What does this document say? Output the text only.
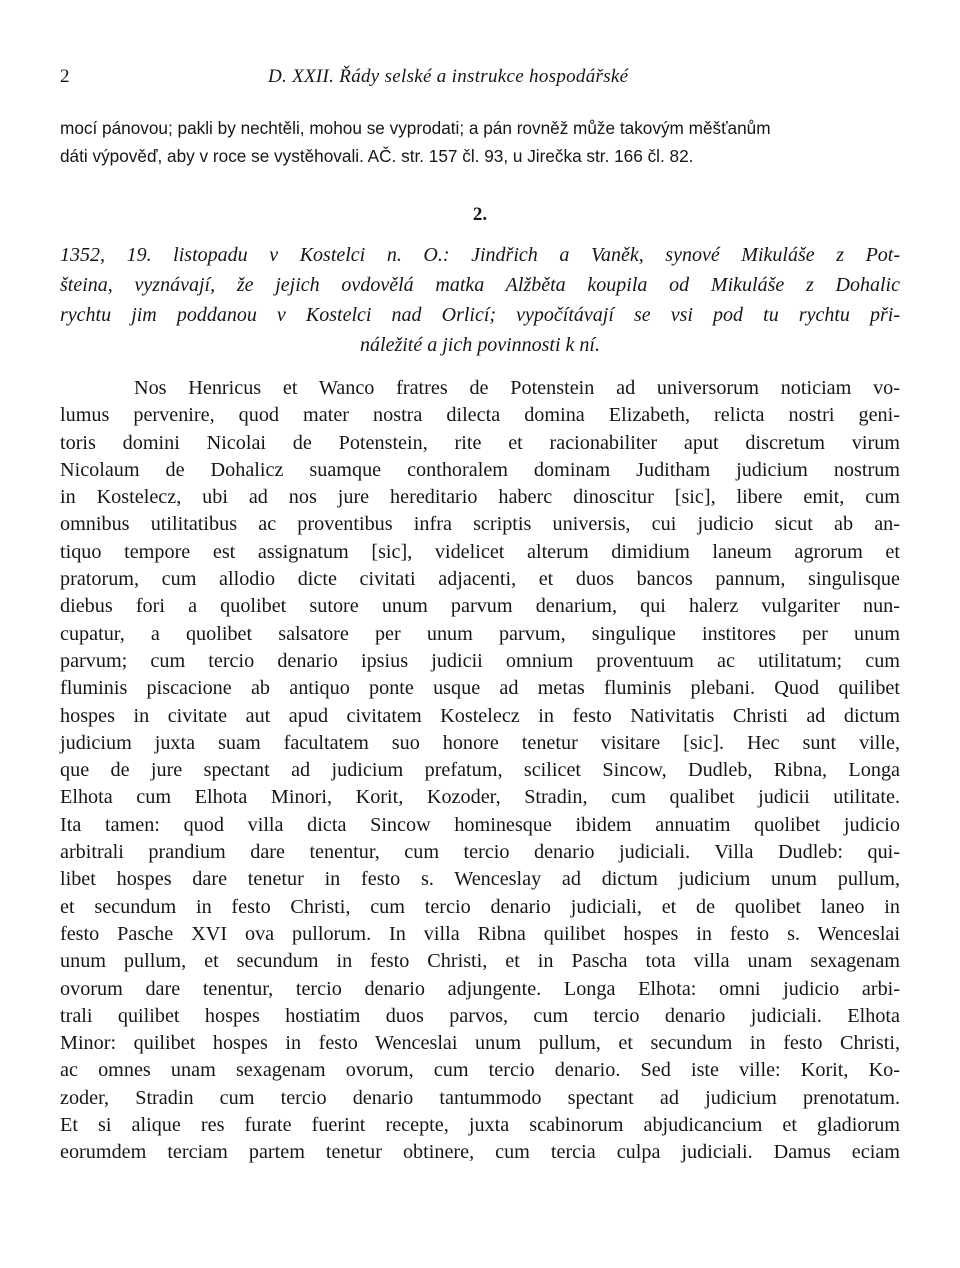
2	D. XXII. Řády selské a instrukce hospodářské
mocí pánovou; pakli by nechtěli, mohou se vyprodati; a pán rovněž může takovým měšťanům
dáti výpověď, aby v roce se vystěhovali. AČ. str. 157 čl. 93, u Jirečka str. 166 čl. 82.
2.
1352, 19. listopadu v Kostelci n. O.: Jindřich a Vaněk, synové Mikuláše z Pot-
šteina, vyznávají, že jejich ovdovělá matka Alžběta koupila od Mikuláše z Dohalic
rychtu jim poddanou v Kostelci nad Orlicí; vypočítávají se vsi pod tu rychtu při-
náležité a jich povinnosti k ní.
Nos Henricus et Wanco fratres de Potenstein ad universorum noticiam vo-
lumus pervenire, quod mater nostra dilecta domina Elizabeth, relicta nostri geni-
toris domini Nicolai de Potenstein, rite et racionabiliter aput discretum virum
Nicolaum de Dohalicz suamque conthoralem dominam Juditham judicium nostrum
in Kostelecz, ubi ad nos jure hereditario haberc dinoscitur [sic], libere emit, cum
omnibus utilitatibus ac proventibus infra scriptis universis, cui judicio sicut ab an-
tiquo tempore est assignatum [sic], videlicet alterum dimidium laneum agrorum et
pratorum, cum allodio dicte civitati adjacenti, et duos bancos pannum, singulisque
diebus fori a quolibet sutore unum parvum denarium, qui halerz vulgariter nun-
cupatur, a quolibet salsatore per unum parvum, singulique institores per unum
parvum; cum tercio denario ipsius judicii omnium proventuum ac utilitatum; cum
fluminis piscacione ab antiquo ponte usque ad metas fluminis plebani. Quod quilibet
hospes in civitate aut apud civitatem Kostelecz in festo Nativitatis Christi ad dictum
judicium juxta suam facultatem suo honore tenetur visitare [sic]. Hec sunt ville,
que de jure spectant ad judicium prefatum, scilicet Sincow, Dudleb, Ribna, Longa
Elhota cum Elhota Minori, Korit, Kozoder, Stradin, cum qualibet judicii utilitate.
Ita tamen: quod villa dicta Sincow hominesque ibidem annuatim quolibet judicio
arbitrali prandium dare tenentur, cum tercio denario judiciali. Villa Dudleb: qui-
libet hospes dare tenetur in festo s. Wenceslay ad dictum judicium unum pullum,
et secundum in festo Christi, cum tercio denario judiciali, et de quolibet laneo in
festo Pasche XVI ova pullorum. In villa Ribna quilibet hospes in festo s. Wenceslai
unum pullum, et secundum in festo Christi, et in Pascha tota villa unam sexagenam
ovorum dare tenentur, tercio denario adjungente. Longa Elhota: omni judicio arbi-
trali quilibet hospes hostiatim duos parvos, cum tercio denario judiciali. Elhota
Minor: quilibet hospes in festo Wenceslai unum pullum, et secundum in festo Christi,
ac omnes unam sexagenam ovorum, cum tercio denario. Sed iste ville: Korit, Ko-
zoder, Stradin cum tercio denario tantummodo spectant ad judicium prenotatum.
Et si alique res furate fuerint recepte, juxta scabinorum abjudicancium et gladiorum
eorumdem terciam partem tenetur obtinere, cum tercia culpa judiciali. Damus eciam
